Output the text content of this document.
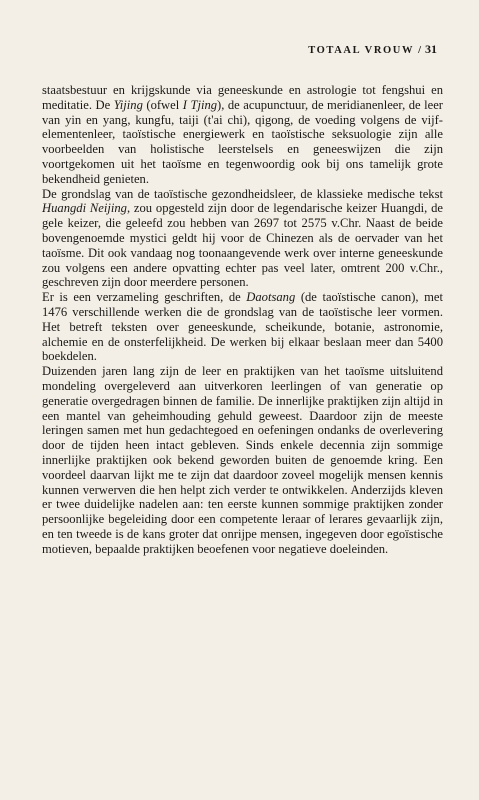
TOTAAL VROUW / 31

staatsbestuur en krijgskunde via geneeskunde en astrologie tot fengshui en meditatie. De Yijing (ofwel I Tjing), de acupunctuur, de meridianenleer, de leer van yin en yang, kungfu, taiji (t'ai chi), qigong, de voeding volgens de vijf-elementenleer, taoïstische energiewerk en taoïstische seksuologie zijn alle voorbeelden van holistische leerstelsels en geneeswijzen die zijn voortgekomen uit het taoïsme en tegenwoordig ook bij ons tamelijk grote bekendheid genieten.

De grondslag van de taoïstische gezondheidsleer, de klassieke medische tekst Huangdi Neijing, zou opgesteld zijn door de legendarische keizer Huangdi, de gele keizer, die geleefd zou hebben van 2697 tot 2575 v.Chr. Naast de beide bovengenoemde mystici geldt hij voor de Chinezen als de oervader van het taoïsme. Dit ook vandaag nog toonaangevende werk over interne geneeskunde zou volgens een andere opvatting echter pas veel later, omtrent 200 v.Chr., geschreven zijn door meerdere personen.

Er is een verzameling geschriften, de Daotsang (de taoïstische canon), met 1476 verschillende werken die de grondslag van de taoïstische leer vormen. Het betreft teksten over geneeskunde, scheikunde, botanie, astronomie, alchemie en de onsterfelijkheid. De werken bij elkaar beslaan meer dan 5400 boekdelen.

Duizenden jaren lang zijn de leer en praktijken van het taoïsme uitsluitend mondeling overgeleverd aan uitverkoren leerlingen of van generatie op generatie overgedragen binnen de familie. De innerlijke praktijken zijn altijd in een mantel van geheimhouding gehuld geweest. Daardoor zijn de meeste leringen samen met hun gedachtegoed en oefeningen ondanks de overlevering door de tijden heen intact gebleven. Sinds enkele decennia zijn sommige innerlijke praktijken ook bekend geworden buiten de genoemde kring. Een voordeel daarvan lijkt me te zijn dat daardoor zoveel mogelijk mensen kennis kunnen verwerven die hen helpt zich verder te ontwikkelen. Anderzijds kleven er twee duidelijke nadelen aan: ten eerste kunnen sommige praktijken zonder persoonlijke begeleiding door een competente leraar of lerares gevaarlijk zijn, en ten tweede is de kans groter dat onrijpe mensen, ingegeven door egoïstische motieven, bepaalde praktijken beoefenen voor negatieve doeleinden.
